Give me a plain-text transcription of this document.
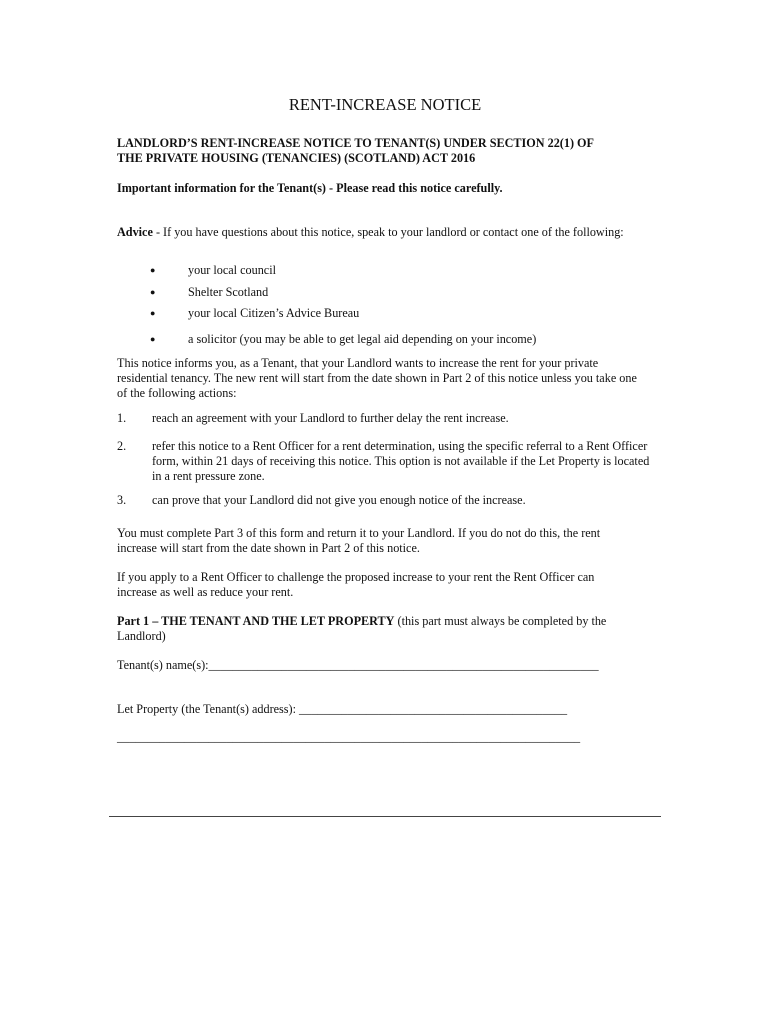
RENT-INCREASE NOTICE

LANDLORD’S RENT-INCREASE NOTICE TO TENANT(S) UNDER SECTION 22(1) OF

THE PRIVATE HOUSING (TENANCIES) (SCOTLAND) ACT 2016

Important information for the Tenant(s) - Please read this notice carefully.

Advice - If you have questions about this notice, speak to your landlord or contact one of the following:

●	your local council
●	Shelter Scotland
●	your local Citizen’s Advice Bureau
●	a solicitor (you may be able to get legal aid depending on your income)

This notice informs you, as a Tenant, that your Landlord wants to increase the rent for your private residential tenancy. The new rent will start from the date shown in Part 2 of this notice unless you take one of the following actions:

1. reach an agreement with your Landlord to further delay the rent increase.
2. refer this notice to a Rent Officer for a rent determination, using the specific referral to a Rent Officer form, within 21 days of receiving this notice. This option is not available if the Let Property is located in a rent pressure zone.
3. can prove that your Landlord did not give you enough notice of the increase.

You must complete Part 3 of this form and return it to your Landlord. If you do not do this, the rent increase will start from the date shown in Part 2 of this notice.

If you apply to a Rent Officer to challenge the proposed increase to your rent the Rent Officer can increase as well as reduce your rent.

Part 1 – THE TENANT AND THE LET PROPERTY (this part must always be completed by the Landlord)

Tenant(s) name(s):________________________________________________________________

Let Property (the Tenant(s) address): ____________________________________________

____________________________________________________________________________
